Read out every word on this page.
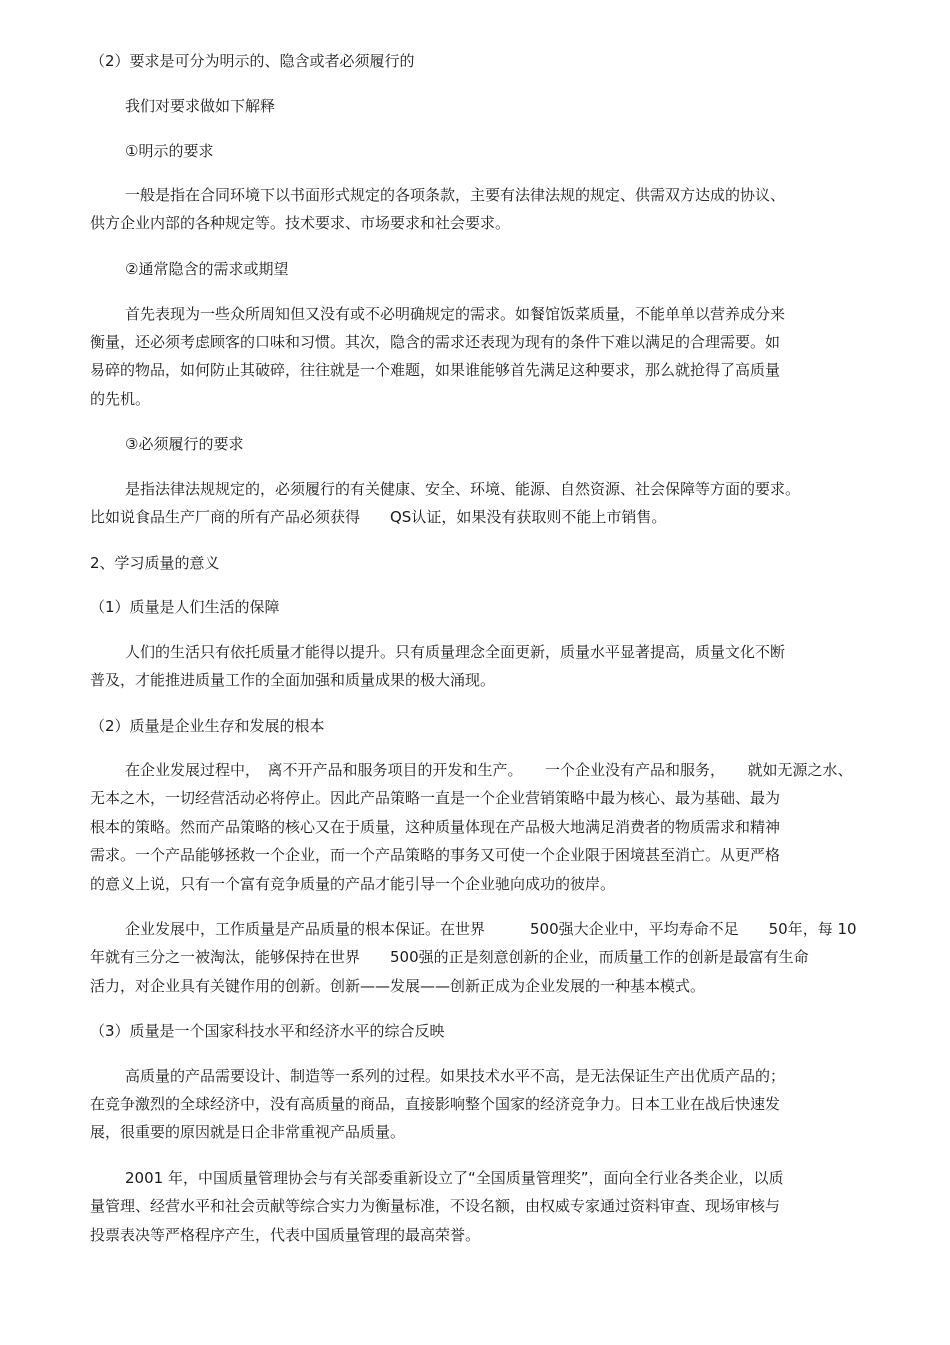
（2）要求是可分为明示的、隐含或者必须履行的

我们对要求做如下解释

①明示的要求

一般是指在合同环境下以书面形式规定的各项条款，主要有法律法规的规定、供需双方达成的协议、

供方企业内部的各种规定等。技术要求、市场要求和社会要求。

②通常隐含的需求或期望

首先表现为一些众所周知但又没有或不必明确规定的需求。如餐馆饭菜质量，不能单单以营养成分来

衡量，还必须考虑顾客的口味和习惯。其次，隐含的需求还表现为现有的条件下难以满足的合理需要。如

易碎的物品，如何防止其破碎，往往就是一个难题，如果谁能够首先满足这种要求，那么就抢得了高质量

的先机。

③必须履行的要求

是指法律法规规定的，必须履行的有关健康、安全、环境、能源、自然资源、社会保障等方面的要求。

比如说食品生产厂商的所有产品必须获得　　QS认证，如果没有获取则不能上市销售。

2、学习质量的意义

（1）质量是人们生活的保障

人们的生活只有依托质量才能得以提升。只有质量理念全面更新，质量水平显著提高，质量文化不断

普及，才能推进质量工作的全面加强和质量成果的极大涌现。

（2）质量是企业生存和发展的根本

在企业发展过程中，　离不开产品和服务项目的开发和生产。　　一个企业没有产品和服务，　　就如无源之水、

无本之木，一切经营活动必将停止。因此产品策略一直是一个企业营销策略中最为核心、最为基础、最为

根本的策略。然而产品策略的核心又在于质量，这种质量体现在产品极大地满足消费者的物质需求和精神

需求。一个产品能够拯救一个企业，而一个产品策略的事务又可使一个企业限于困境甚至消亡。从更严格

的意义上说，只有一个富有竞争质量的产品才能引导一个企业驰向成功的彼岸。

企业发展中，工作质量是产品质量的根本保证。在世界　　　500强大企业中，平均寿命不足　　50年，每 10

年就有三分之一被淘汰，能够保持在世界　　500强的正是刻意创新的企业，而质量工作的创新是最富有生命

活力，对企业具有关键作用的创新。创新——发展——创新正成为企业发展的一种基本模式。

（3）质量是一个国家科技水平和经济水平的综合反映

高质量的产品需要设计、制造等一系列的过程。如果技术水平不高，是无法保证生产出优质产品的；

在竞争激烈的全球经济中，没有高质量的商品，直接影响整个国家的经济竞争力。日本工业在战后快速发

展，很重要的原因就是日企非常重视产品质量。

2001 年，中国质量管理协会与有关部委重新设立了“全国质量管理奖”，面向全行业各类企业，以质

量管理、经营水平和社会贡献等综合实力为衡量标准，不设名额，由权威专家通过资料审查、现场审核与

投票表决等严格程序产生，代表中国质量管理的最高荣誉。
